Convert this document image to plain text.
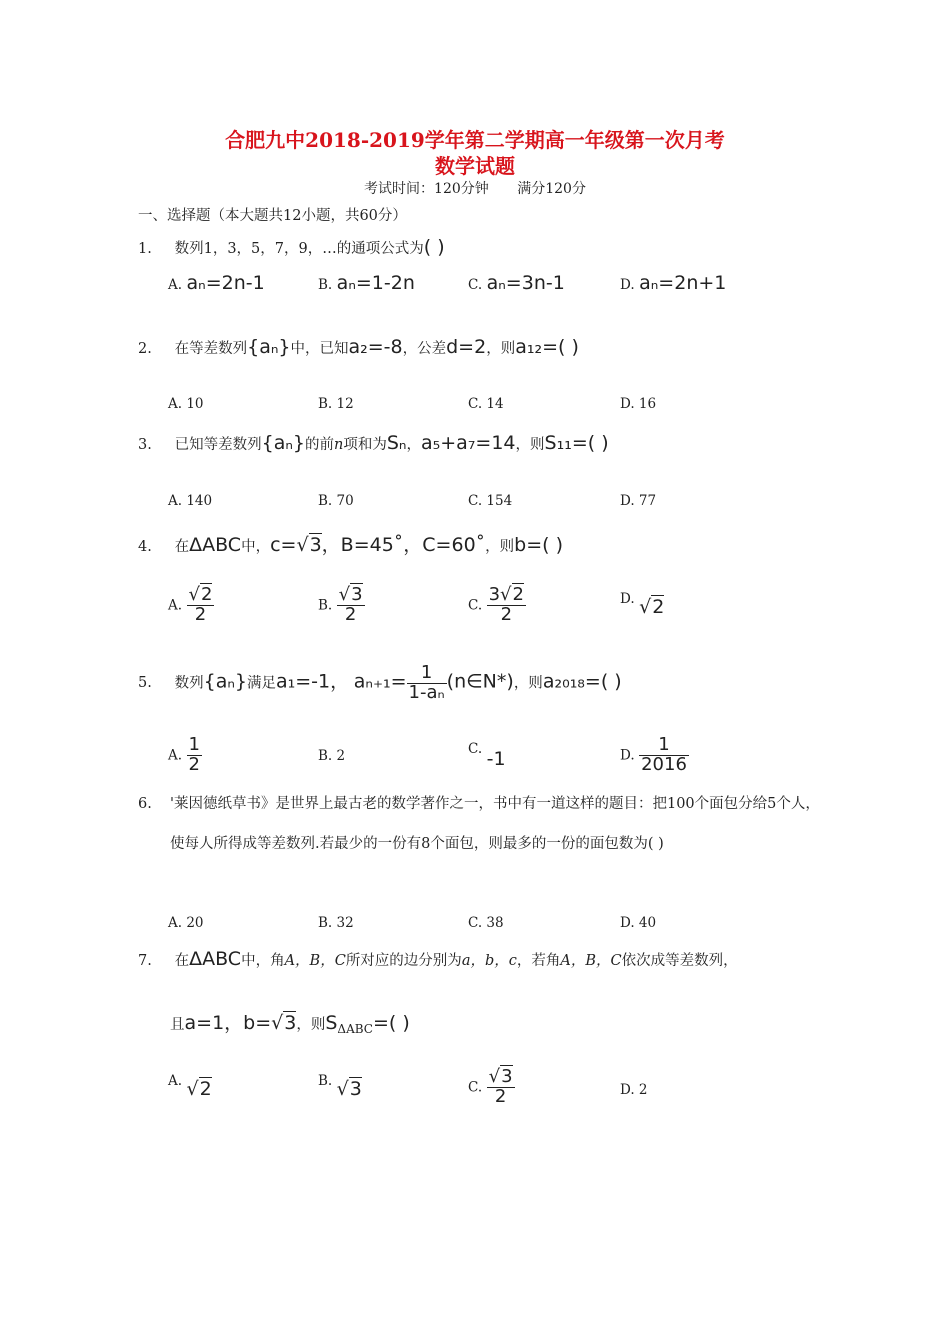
合肥九中2018-2019学年第二学期高一年级第一次月考
数学试题
考试时间：120分钟 满分120分
一、选择题（本大题共12小题，共60分）
1. 数列1，3，5，7，9，…的通项公式为( )
A. aₙ=2n-1	B. aₙ=1-2n	C. aₙ=3n-1	D. aₙ=2n+1
2. 在等差数列{aₙ}中，已知a₂=-8，公差d=2，则a₁₂=( )
A. 10	B. 12	C. 14	D. 16
3. 已知等差数列{aₙ}的前n项和为Sₙ，a₅+a₇=14，则S₁₁=( )
A. 140	B. 70	C. 154	D. 77
4. 在ΔABC中，c=√3，B=45˚，C=60˚，则b=( )
A. $\frac{√2}{2}$	B. $\frac{√3}{2}$	C. $\frac{3√2}{2}$	D. √2
5. 数列{aₙ}满足a₁=-1， $a_{n+1}= \frac{1}{\text{1-aₙ}}$ (n∈N*)，则a₂₀₁₈=( )
A. $\frac{1}{2}$	B. 2	C. -1	D. $\frac{1}{2016}$
6.	'莱因德纸草书》是世界上最古老的数学著作之一，书中有一道这样的题目：把100个面包分给5个人，使每人所得成等差数列.若最少的一份有8个面包，则最多的一份的面包数为( )
A. 20	B. 32	C. 38	D. 40
7. 在ΔABC中，角A，B，C所对应的边分别为a，b，c，若角A，B，C依次成等差数列，
且a=1，b=√3，则$S_{\Delta ABC}=$( )
A. √2	B. √3	C. $\frac{√3}{2}$	D. 2
